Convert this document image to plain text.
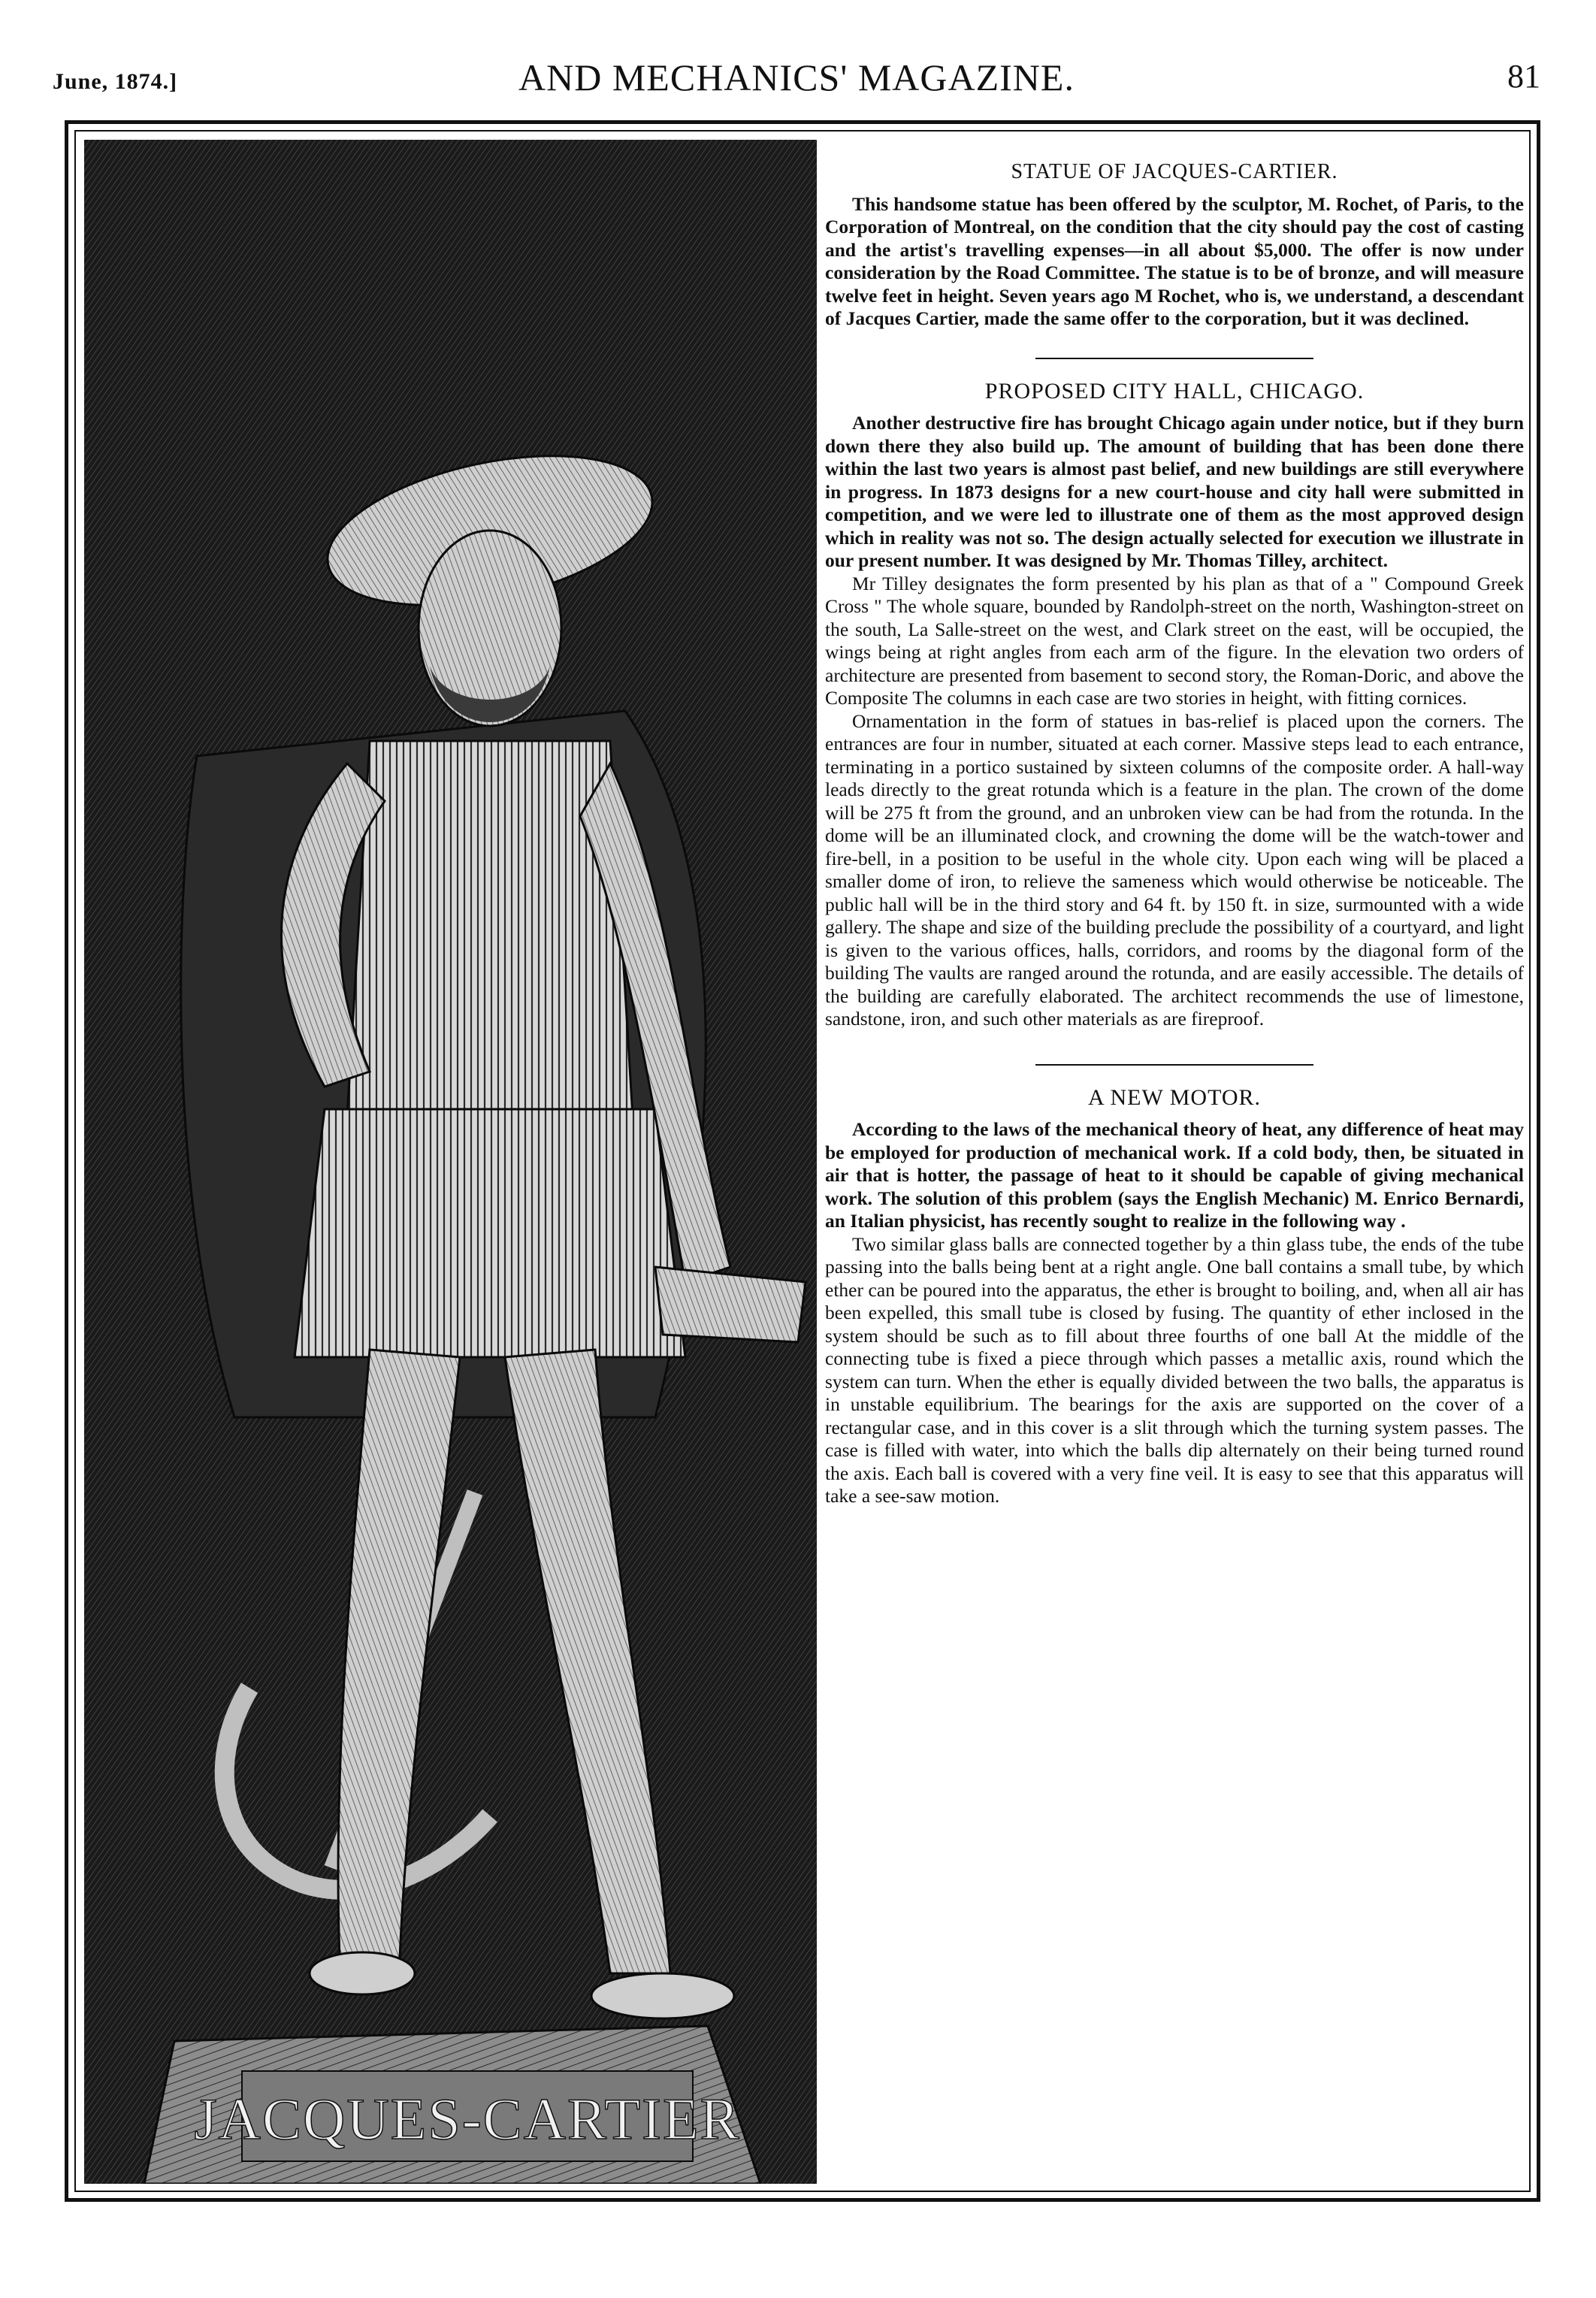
June, 1874.]	AND MECHANICS' MAGAZINE.	81
JACQUES-CARTIER
STATUE OF JACQUES-CARTIER.

This handsome statue has been offered by the sculptor, M. Rochet, of Paris, to the Corporation of Montreal, on the condition that the city should pay the cost of casting and the artist's travelling expenses—in all about $5,000. The offer is now under consideration by the Road Committee. The statue is to be of bronze, and will measure twelve feet in height. Seven years ago M Rochet, who is, we understand, a descendant of Jacques Cartier, made the same offer to the corporation, but it was declined.

PROPOSED CITY HALL, CHICAGO.

Another destructive fire has brought Chicago again under notice, but if they burn down there they also build up. The amount of building that has been done there within the last two years is almost past belief, and new buildings are still everywhere in progress. In 1873 designs for a new court-house and city hall were submitted in competition, and we were led to illustrate one of them as the most approved design which in reality was not so. The design actually selected for execution we illustrate in our present number. It was designed by Mr. Thomas Tilley, architect.

Mr Tilley designates the form presented by his plan as that of a " Compound Greek Cross " The whole square, bounded by Randolph-street on the north, Washington-street on the south, La Salle-street on the west, and Clark street on the east, will be occupied, the wings being at right angles from each arm of the figure. In the elevation two orders of architecture are presented from basement to second story, the Roman-Doric, and above the Composite The columns in each case are two stories in height, with fitting cornices.

Ornamentation in the form of statues in bas-relief is placed upon the corners. The entrances are four in number, situated at each corner. Massive steps lead to each entrance, terminating in a portico sustained by sixteen columns of the composite order. A hall-way leads directly to the great rotunda which is a feature in the plan. The crown of the dome will be 275 ft from the ground, and an unbroken view can be had from the rotunda. In the dome will be an illuminated clock, and crowning the dome will be the watch-tower and fire-bell, in a position to be useful in the whole city. Upon each wing will be placed a smaller dome of iron, to relieve the sameness which would otherwise be noticeable. The public hall will be in the third story and 64 ft. by 150 ft. in size, surmounted with a wide gallery. The shape and size of the building preclude the possibility of a courtyard, and light is given to the various offices, halls, corridors, and rooms by the diagonal form of the building The vaults are ranged around the rotunda, and are easily accessible. The details of the building are carefully elaborated. The architect recommends the use of limestone, sandstone, iron, and such other materials as are fireproof.

A NEW MOTOR.

According to the laws of the mechanical theory of heat, any difference of heat may be employed for production of mechanical work. If a cold body, then, be situated in air that is hotter, the passage of heat to it should be capable of giving mechanical work. The solution of this problem (says the English Mechanic) M. Enrico Bernardi, an Italian physicist, has recently sought to realize in the following way .

Two similar glass balls are connected together by a thin glass tube, the ends of the tube passing into the balls being bent at a right angle. One ball contains a small tube, by which ether can be poured into the apparatus, the ether is brought to boiling, and, when all air has been expelled, this small tube is closed by fusing. The quantity of ether inclosed in the system should be such as to fill about three fourths of one ball At the middle of the connecting tube is fixed a piece through which passes a metallic axis, round which the system can turn. When the ether is equally divided between the two balls, the apparatus is in unstable equilibrium. The bearings for the axis are supported on the cover of a rectangular case, and in this cover is a slit through which the turning system passes. The case is filled with water, into which the balls dip alternately on their being turned round the axis. Each ball is covered with a very fine veil. It is easy to see that this apparatus will take a see-saw motion.
